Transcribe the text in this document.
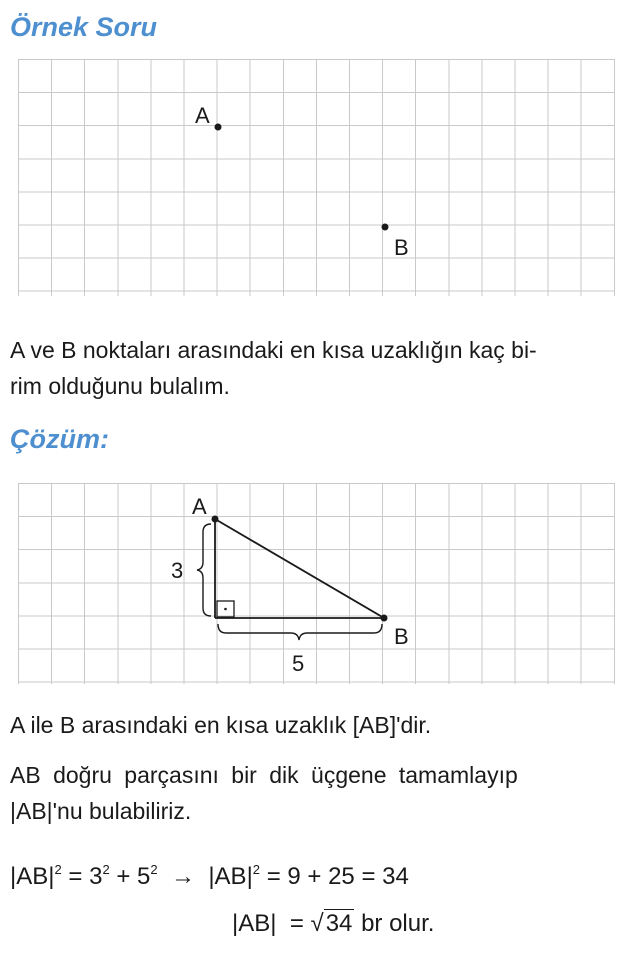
Örnek Soru
A
B

A ve B noktaları arasındaki en kısa uzaklığın kaç bi-
rim olduğunu bulalım.

Çözüm:
A
B
3
5

A ile B arasındaki en kısa uzaklık [AB]'dir.

AB doğru parçasını bir dik üçgene tamamlayıp

|AB|'nu bulabiliriz.

$|AB|^2 = 3^2 + 5^2 \to |AB|^2 = 9 + 25 = 34$
|AB| = √34 br olur.
